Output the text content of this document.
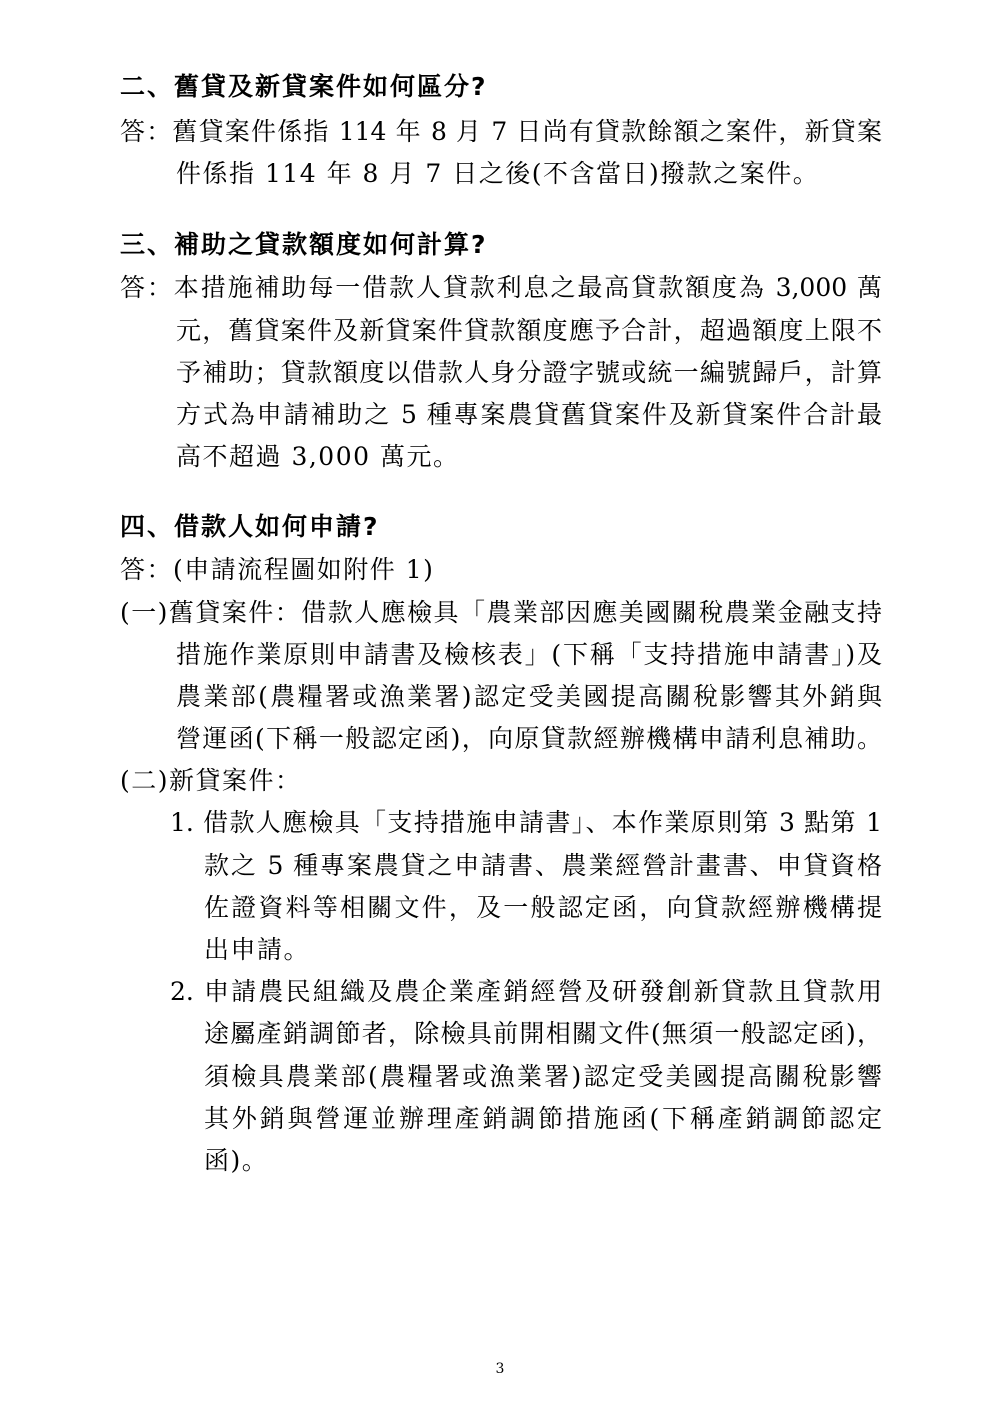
二、舊貸及新貸案件如何區分?
答：舊貸案件係指 114 年 8 月 7 日尚有貸款餘額之案件，新貸案
件係指 114 年 8 月 7 日之後(不含當日)撥款之案件。
三、補助之貸款額度如何計算?
答：本措施補助每一借款人貸款利息之最高貸款額度為 3,000 萬
元，舊貸案件及新貸案件貸款額度應予合計，超過額度上限不
予補助；貸款額度以借款人身分證字號或統一編號歸戶，計算
方式為申請補助之 5 種專案農貸舊貸案件及新貸案件合計最
高不超過 3,000 萬元。
四、借款人如何申請?
答：(申請流程圖如附件 1)
(一)舊貸案件：借款人應檢具「農業部因應美國關稅農業金融支持
措施作業原則申請書及檢核表」(下稱「支持措施申請書」)及
農業部(農糧署或漁業署)認定受美國提高關稅影響其外銷與
營運函(下稱一般認定函)，向原貸款經辦機構申請利息補助。
(二)新貸案件：
1. 借款人應檢具「支持措施申請書」、本作業原則第 3 點第 1
款之 5 種專案農貸之申請書、農業經營計畫書、申貸資格
佐證資料等相關文件，及一般認定函，向貸款經辦機構提
出申請。
2. 申請農民組織及農企業產銷經營及研發創新貸款且貸款用
途屬產銷調節者，除檢具前開相關文件(無須一般認定函)，
須檢具農業部(農糧署或漁業署)認定受美國提高關稅影響
其外銷與營運並辦理產銷調節措施函(下稱產銷調節認定
函)。
3
